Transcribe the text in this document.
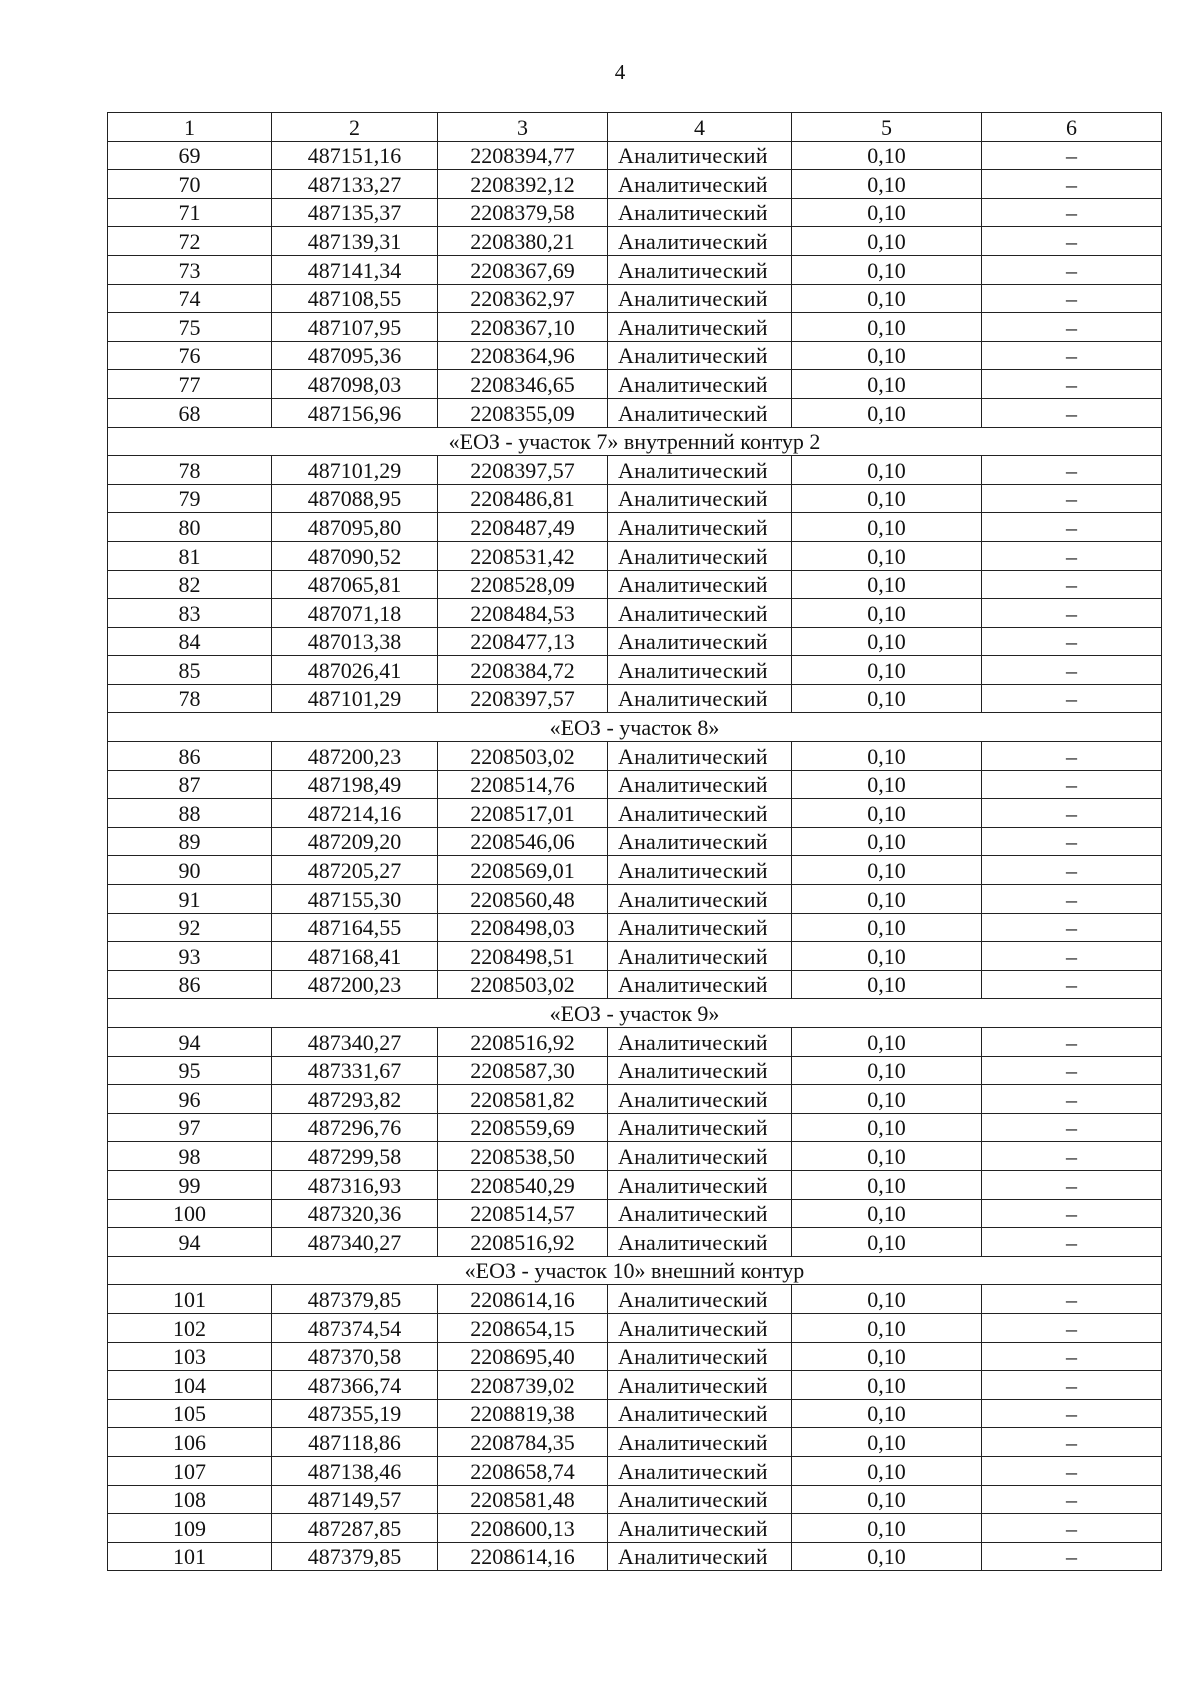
4
1	2	3	4	5	6
69	487151,16	2208394,77	Аналитический	0,10	–
70	487133,27	2208392,12	Аналитический	0,10	–
71	487135,37	2208379,58	Аналитический	0,10	–
72	487139,31	2208380,21	Аналитический	0,10	–
73	487141,34	2208367,69	Аналитический	0,10	–
74	487108,55	2208362,97	Аналитический	0,10	–
75	487107,95	2208367,10	Аналитический	0,10	–
76	487095,36	2208364,96	Аналитический	0,10	–
77	487098,03	2208346,65	Аналитический	0,10	–
68	487156,96	2208355,09	Аналитический	0,10	–
«ЕОЗ - участок 7» внутренний контур 2					
78	487101,29	2208397,57	Аналитический	0,10	–
79	487088,95	2208486,81	Аналитический	0,10	–
80	487095,80	2208487,49	Аналитический	0,10	–
81	487090,52	2208531,42	Аналитический	0,10	–
82	487065,81	2208528,09	Аналитический	0,10	–
83	487071,18	2208484,53	Аналитический	0,10	–
84	487013,38	2208477,13	Аналитический	0,10	–
85	487026,41	2208384,72	Аналитический	0,10	–
78	487101,29	2208397,57	Аналитический	0,10	–
«ЕОЗ - участок 8»					
86	487200,23	2208503,02	Аналитический	0,10	–
87	487198,49	2208514,76	Аналитический	0,10	–
88	487214,16	2208517,01	Аналитический	0,10	–
89	487209,20	2208546,06	Аналитический	0,10	–
90	487205,27	2208569,01	Аналитический	0,10	–
91	487155,30	2208560,48	Аналитический	0,10	–
92	487164,55	2208498,03	Аналитический	0,10	–
93	487168,41	2208498,51	Аналитический	0,10	–
86	487200,23	2208503,02	Аналитический	0,10	–
«ЕОЗ - участок 9»					
94	487340,27	2208516,92	Аналитический	0,10	–
95	487331,67	2208587,30	Аналитический	0,10	–
96	487293,82	2208581,82	Аналитический	0,10	–
97	487296,76	2208559,69	Аналитический	0,10	–
98	487299,58	2208538,50	Аналитический	0,10	–
99	487316,93	2208540,29	Аналитический	0,10	–
100	487320,36	2208514,57	Аналитический	0,10	–
94	487340,27	2208516,92	Аналитический	0,10	–
«ЕОЗ - участок 10» внешний контур					
101	487379,85	2208614,16	Аналитический	0,10	–
102	487374,54	2208654,15	Аналитический	0,10	–
103	487370,58	2208695,40	Аналитический	0,10	–
104	487366,74	2208739,02	Аналитический	0,10	–
105	487355,19	2208819,38	Аналитический	0,10	–
106	487118,86	2208784,35	Аналитический	0,10	–
107	487138,46	2208658,74	Аналитический	0,10	–
108	487149,57	2208581,48	Аналитический	0,10	–
109	487287,85	2208600,13	Аналитический	0,10	–
101	487379,85	2208614,16	Аналитический	0,10	–
